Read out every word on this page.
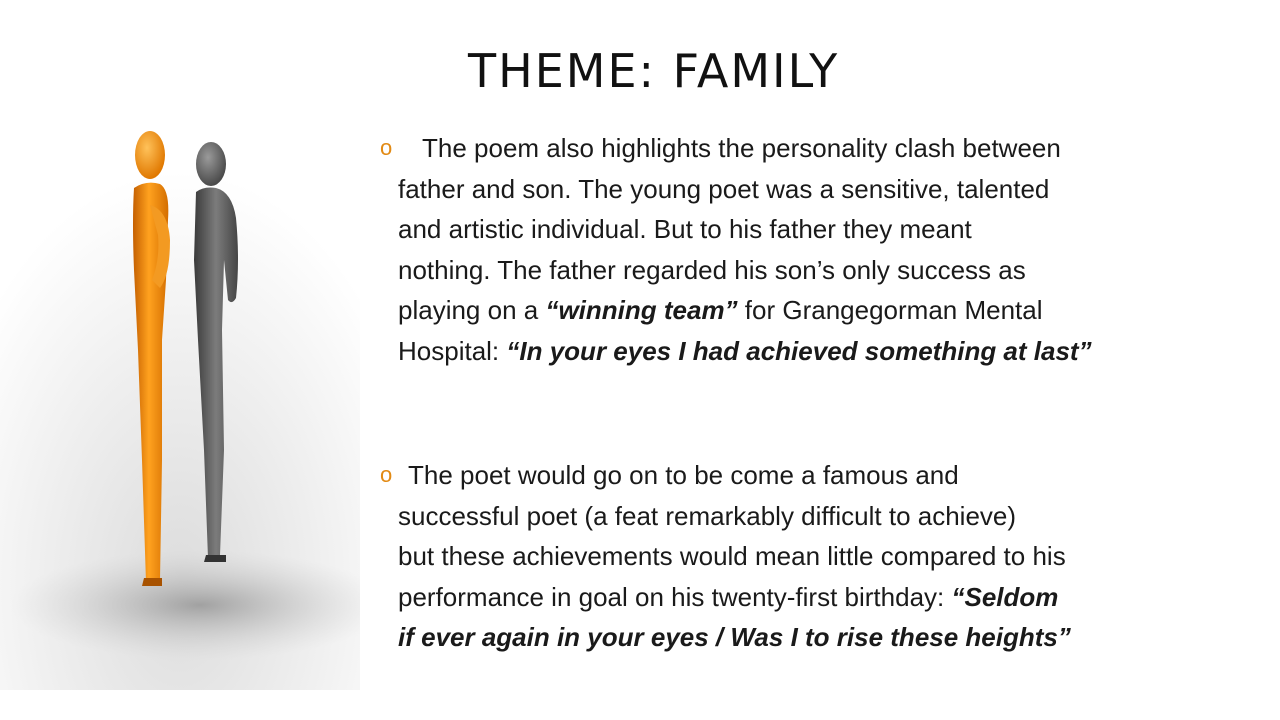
THEME: FAMILY
o	The poem also highlights the personality clash between
father and son. The young poet was a sensitive, talented
and artistic individual. But to his father they meant
nothing. The father regarded his son’s only success as
playing on a “winning team” for Grangegorman Mental
Hospital: “In your eyes I had achieved something at last”
o The poet would go on to be come a famous and
successful poet (a feat remarkably difficult to achieve)
but these achievements would mean little compared to his
performance in goal on his twenty-first birthday: “Seldom
if ever again in your eyes / Was I to rise these heights”
